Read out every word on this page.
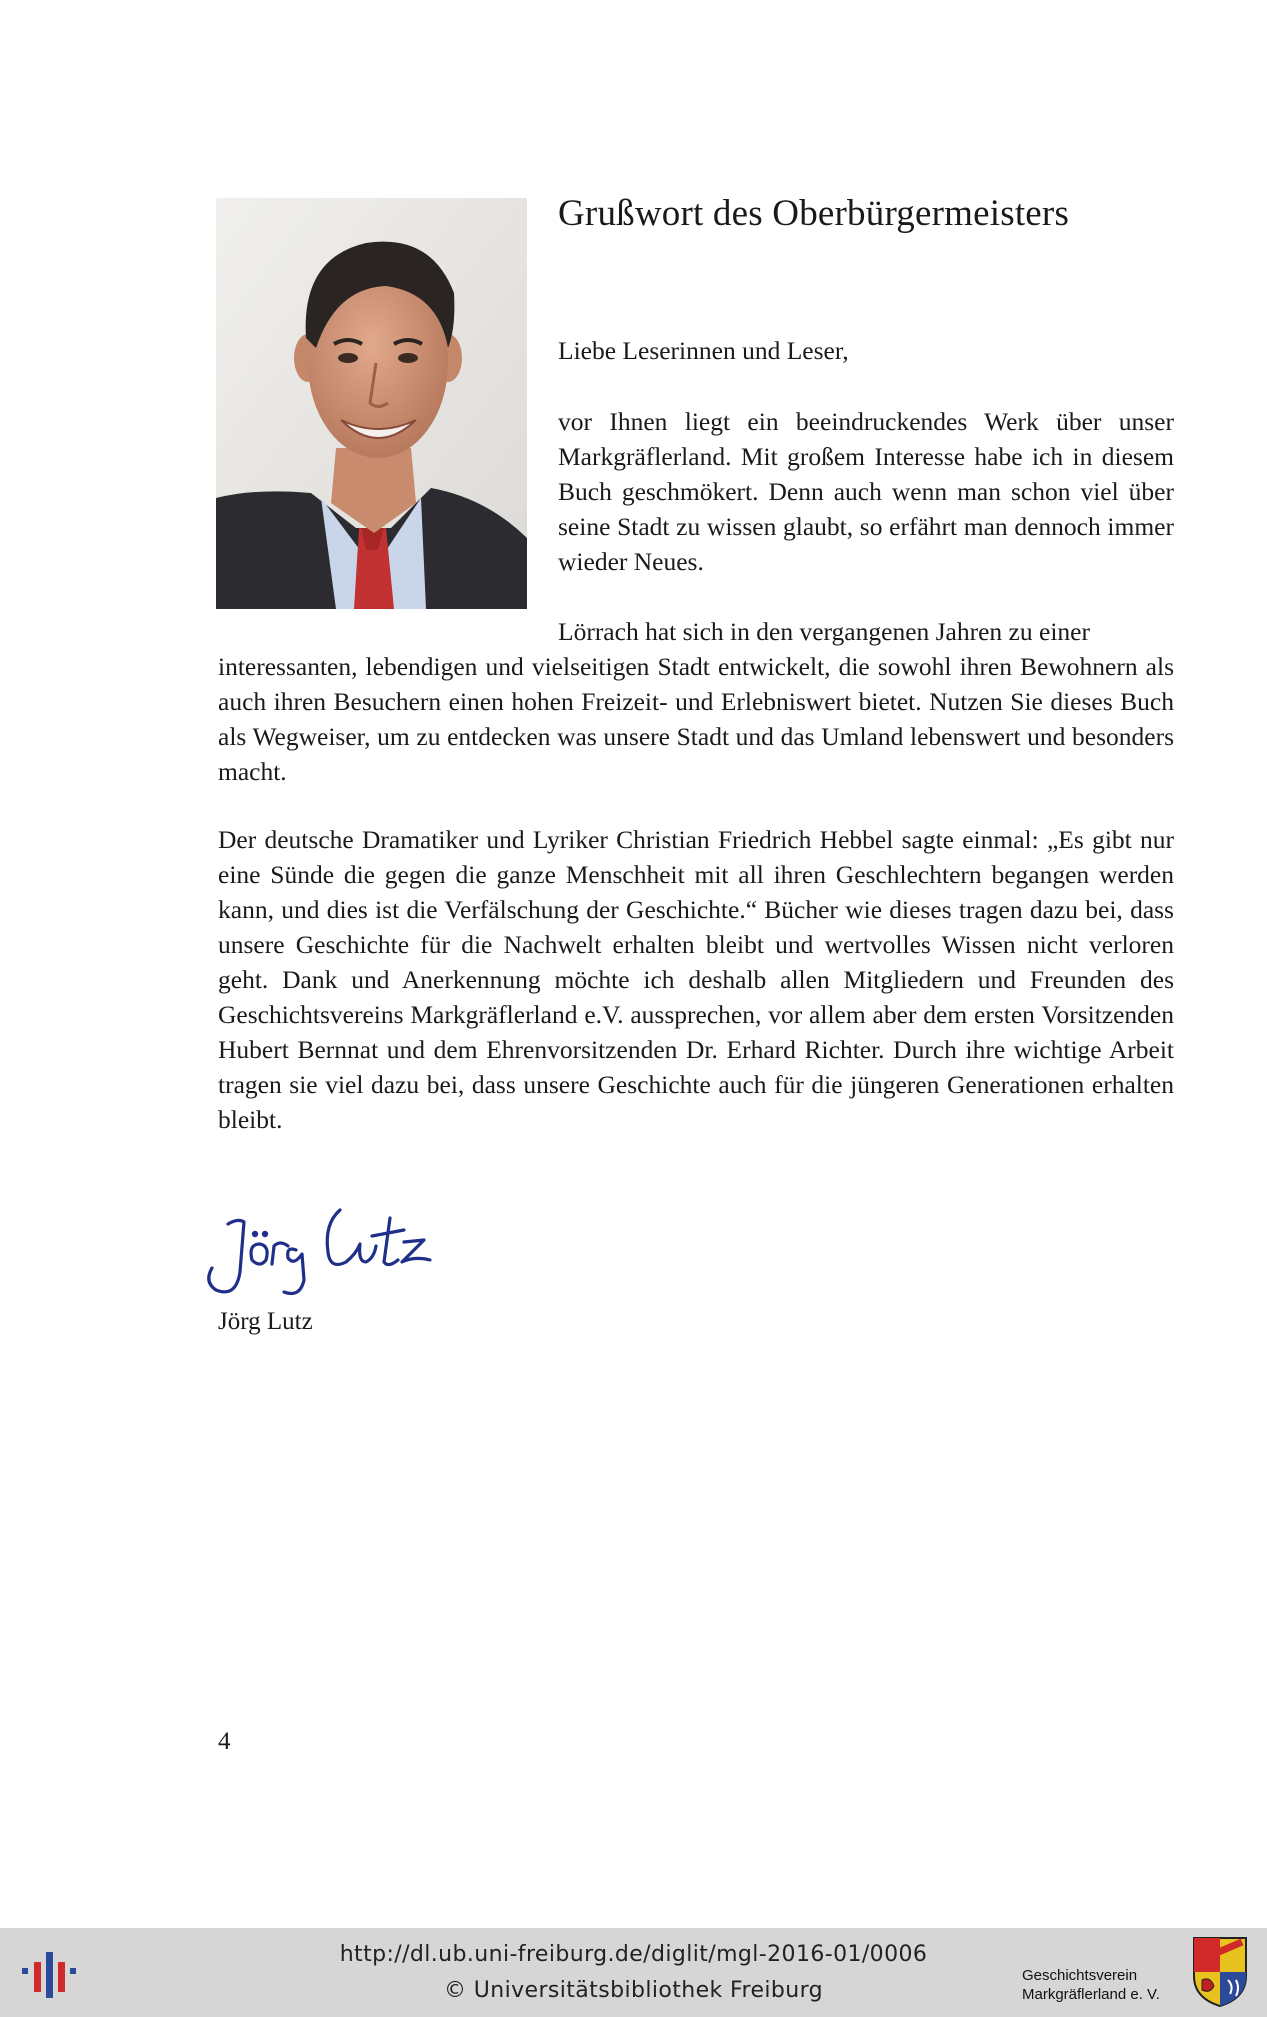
Grußwort des Oberbürgermeisters

Liebe Leserinnen und Leser,

vor Ihnen liegt ein beeindruckendes Werk über unser Markgräflerland. Mit großem Interesse habe ich in diesem Buch geschmökert. Denn auch wenn man schon viel über seine Stadt zu wissen glaubt, so erfährt man dennoch immer wieder Neues.

Lörrach hat sich in den vergangenen Jahren zu einer

interessanten, lebendigen und vielseitigen Stadt entwickelt, die sowohl ihren Bewohnern als auch ihren Besuchern einen hohen Freizeit- und Erlebniswert bietet. Nutzen Sie dieses Buch als Wegweiser, um zu entdecken was unsere Stadt und das Umland lebenswert und besonders macht.

Der deutsche Dramatiker und Lyriker Christian Friedrich Hebbel sagte einmal: „Es gibt nur eine Sünde die gegen die ganze Menschheit mit all ihren Geschlechtern begangen werden kann, und dies ist die Verfälschung der Geschichte.“ Bücher wie dieses tragen dazu bei, dass unsere Geschichte für die Nachwelt erhalten bleibt und wertvolles Wissen nicht verloren geht. Dank und Anerkennung möchte ich deshalb allen Mitgliedern und Freunden des Geschichtsvereins Markgräflerland e.V. aussprechen, vor allem aber dem ersten Vorsitzenden Hubert Bernnat und dem Ehrenvorsitzenden Dr. Erhard Richter. Durch ihre wichtige Arbeit tragen sie viel dazu bei, dass unsere Geschichte auch für die jüngeren Generationen erhalten bleibt.

Jörg Lutz
4
http://dl.ub.uni-freiburg.de/diglit/mgl-2016-01/0006
© Universitätsbibliothek Freiburg
Geschichtsverein
Markgräflerland e. V.
